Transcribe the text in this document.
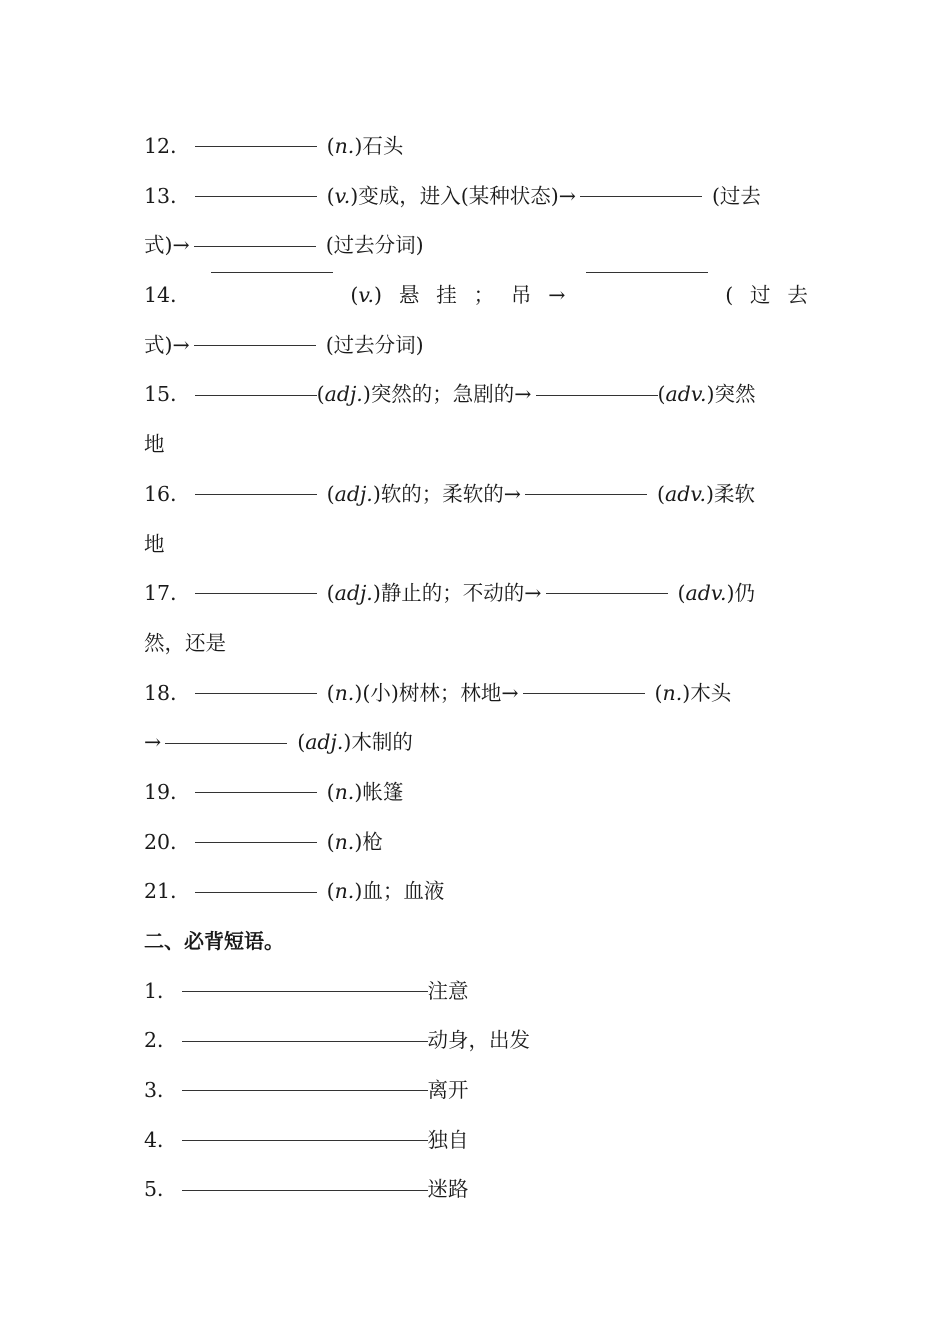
12．	(n.)石头
13．	(v.)变成，进入(某种状态)→	(过去
式)→	(过去分词)
14．	(v.) 悬 挂 ； 吊 →	( 过 去
式)→	(过去分词)
15．	(adj.)突然的；急剧的→	(adv.)突然
地
16．	(adj.)软的；柔软的→	(adv.)柔软
地
17．	(adj.)静止的；不动的→	(adv.)仍
然，还是
18．	(n.)(小)树林；林地→	(n.)木头
→	(adj.)木制的
19．	(n.)帐篷
20．	(n.)枪
21．	(n.)血；血液
二、必背短语。
1．	注意
2．	动身，出发
3．	离开
4．	独自
5．	迷路
